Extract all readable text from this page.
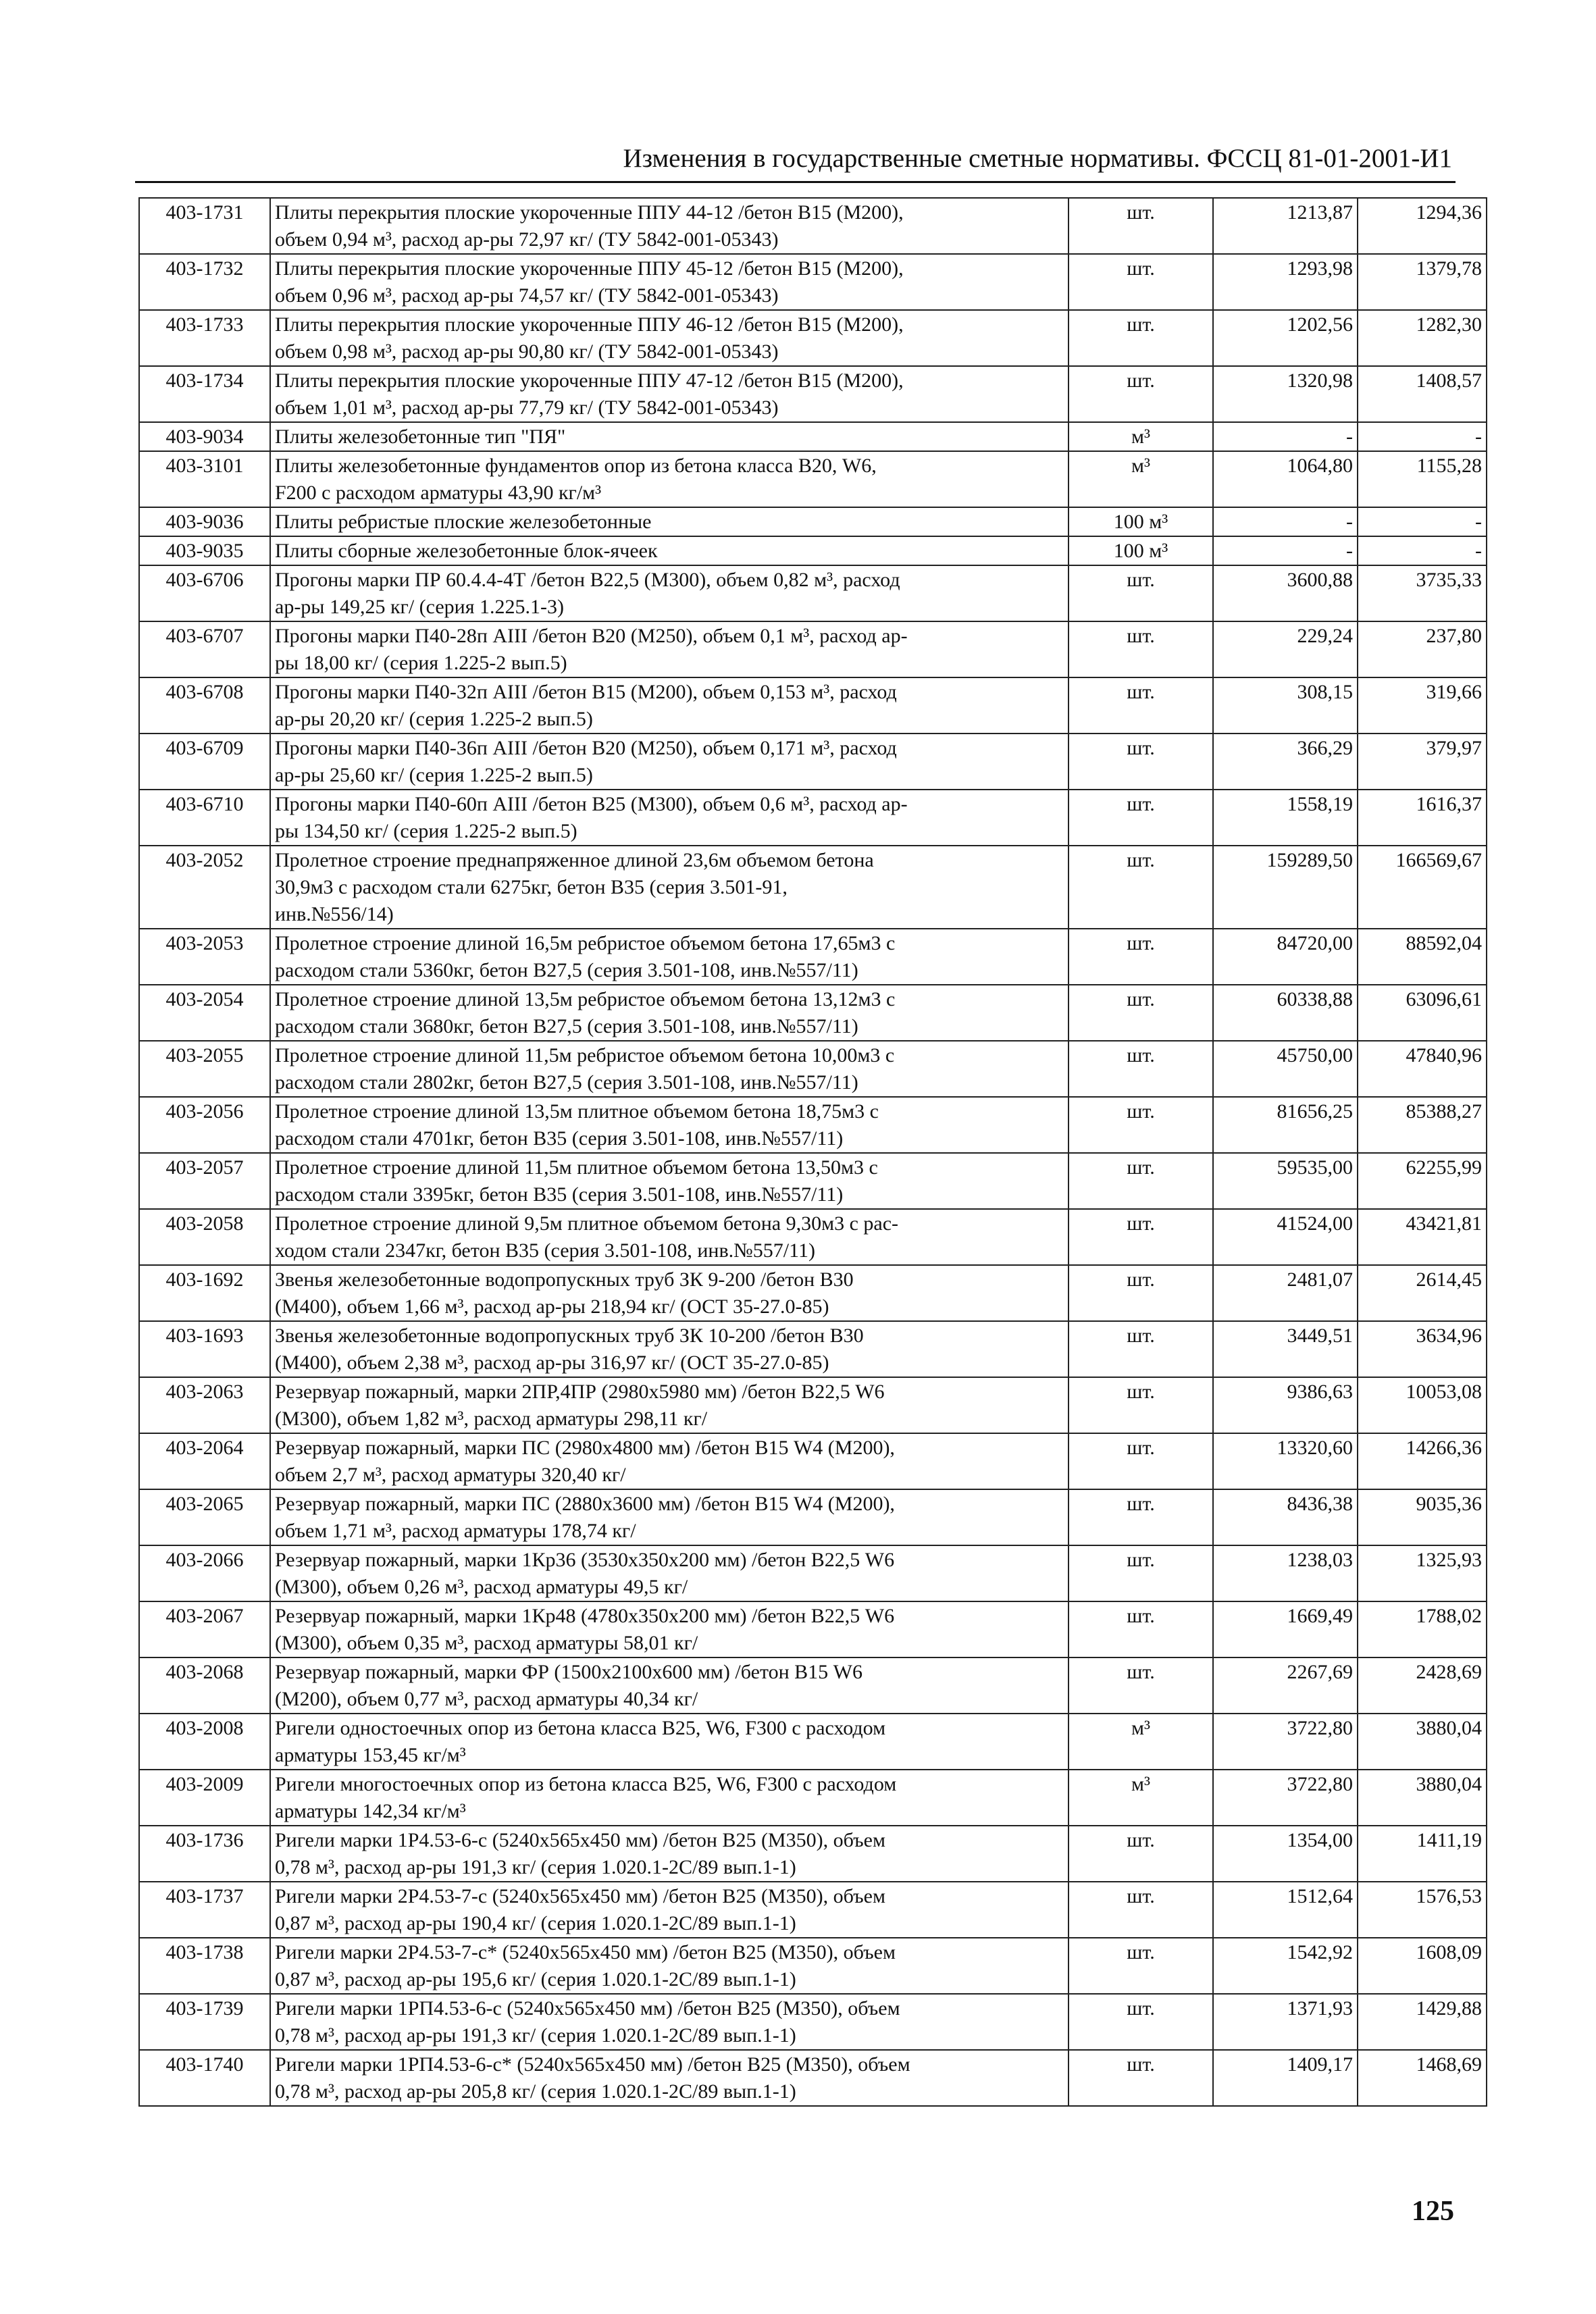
Изменения в государственные сметные нормативы. ФССЦ 81-01-2001-И1
403-1731	Плиты перекрытия плоские укороченные ППУ 44-12 /бетон В15 (М200),
объем 0,94 м³, расход ар-ры 72,97 кг/ (ТУ 5842-001-05343)	шт.	1213,87	1294,36
403-1732	Плиты перекрытия плоские укороченные ППУ 45-12 /бетон В15 (М200),
объем 0,96 м³, расход ар-ры 74,57 кг/ (ТУ 5842-001-05343)	шт.	1293,98	1379,78
403-1733	Плиты перекрытия плоские укороченные ППУ 46-12 /бетон В15 (М200),
объем 0,98 м³, расход ар-ры 90,80 кг/ (ТУ 5842-001-05343)	шт.	1202,56	1282,30
403-1734	Плиты перекрытия плоские укороченные ППУ 47-12 /бетон В15 (М200),
объем 1,01 м³, расход ар-ры 77,79 кг/ (ТУ 5842-001-05343)	шт.	1320,98	1408,57
403-9034	Плиты железобетонные тип "ПЯ"	м³	-	-
403-3101	Плиты железобетонные фундаментов опор из бетона класса В20, W6,
F200 с расходом арматуры 43,90 кг/м³	м³	1064,80	1155,28
403-9036	Плиты ребристые плоские железобетонные	100 м³	-	-
403-9035	Плиты сборные железобетонные блок-ячеек	100 м³	-	-
403-6706	Прогоны марки ПР 60.4.4-4Т /бетон В22,5 (М300), объем 0,82 м³, расход
ар-ры 149,25 кг/ (серия 1.225.1-3)	шт.	3600,88	3735,33
403-6707	Прогоны марки П40-28п АIII /бетон В20 (М250), объем 0,1 м³, расход ар-
ры 18,00 кг/ (серия 1.225-2 вып.5)	шт.	229,24	237,80
403-6708	Прогоны марки П40-32п АIII /бетон В15 (М200), объем 0,153 м³, расход
ар-ры 20,20 кг/ (серия 1.225-2 вып.5)	шт.	308,15	319,66
403-6709	Прогоны марки П40-36п АIII /бетон В20 (М250), объем 0,171 м³, расход
ар-ры 25,60 кг/ (серия 1.225-2 вып.5)	шт.	366,29	379,97
403-6710	Прогоны марки П40-60п АIII /бетон В25 (М300), объем 0,6 м³, расход ар-
ры 134,50 кг/ (серия 1.225-2 вып.5)	шт.	1558,19	1616,37
403-2052	Пролетное строение преднапряженное длиной 23,6м объемом бетона
30,9м3 с расходом стали 6275кг, бетон В35 (серия 3.501-91,
инв.№556/14)	шт.	159289,50	166569,67
403-2053	Пролетное строение длиной 16,5м ребристое объемом бетона 17,65м3 с
расходом стали 5360кг, бетон В27,5 (серия 3.501-108, инв.№557/11)	шт.	84720,00	88592,04
403-2054	Пролетное строение длиной 13,5м ребристое объемом бетона 13,12м3 с
расходом стали 3680кг, бетон В27,5 (серия 3.501-108, инв.№557/11)	шт.	60338,88	63096,61
403-2055	Пролетное строение длиной 11,5м ребристое объемом бетона 10,00м3 с
расходом стали 2802кг, бетон В27,5 (серия 3.501-108, инв.№557/11)	шт.	45750,00	47840,96
403-2056	Пролетное строение длиной 13,5м плитное объемом бетона 18,75м3 с
расходом стали 4701кг, бетон В35 (серия 3.501-108, инв.№557/11)	шт.	81656,25	85388,27
403-2057	Пролетное строение длиной 11,5м плитное объемом бетона 13,50м3 с
расходом стали 3395кг, бетон В35 (серия 3.501-108, инв.№557/11)	шт.	59535,00	62255,99
403-2058	Пролетное строение длиной 9,5м плитное объемом бетона 9,30м3 с рас-
ходом стали 2347кг, бетон В35 (серия 3.501-108, инв.№557/11)	шт.	41524,00	43421,81
403-1692	Звенья железобетонные водопропускных труб ЗК 9-200 /бетон В30
(М400), объем 1,66 м³, расход ар-ры 218,94 кг/ (ОСТ 35-27.0-85)	шт.	2481,07	2614,45
403-1693	Звенья железобетонные водопропускных труб ЗК 10-200 /бетон В30
(М400), объем 2,38 м³, расход ар-ры 316,97 кг/ (ОСТ 35-27.0-85)	шт.	3449,51	3634,96
403-2063	Резервуар пожарный, марки 2ПР,4ПР (2980х5980 мм) /бетон В22,5 W6
(М300), объем 1,82 м³, расход арматуры 298,11 кг/	шт.	9386,63	10053,08
403-2064	Резервуар пожарный, марки ПС (2980х4800 мм) /бетон В15 W4 (М200),
объем 2,7 м³, расход арматуры 320,40 кг/	шт.	13320,60	14266,36
403-2065	Резервуар пожарный, марки ПС (2880х3600 мм) /бетон В15 W4 (М200),
объем 1,71 м³, расход арматуры 178,74 кг/	шт.	8436,38	9035,36
403-2066	Резервуар пожарный, марки 1Кр36 (3530х350х200 мм) /бетон В22,5 W6
(М300), объем 0,26 м³, расход арматуры 49,5 кг/	шт.	1238,03	1325,93
403-2067	Резервуар пожарный, марки 1Кр48 (4780х350х200 мм) /бетон В22,5 W6
(М300), объем 0,35 м³, расход арматуры 58,01 кг/	шт.	1669,49	1788,02
403-2068	Резервуар пожарный, марки ФР (1500х2100х600 мм) /бетон В15 W6
(М200), объем 0,77 м³, расход арматуры 40,34 кг/	шт.	2267,69	2428,69
403-2008	Ригели одностоечных опор из бетона класса В25, W6, F300 с расходом
арматуры 153,45 кг/м³	м³	3722,80	3880,04
403-2009	Ригели многостоечных опор из бетона класса В25, W6, F300 с расходом
арматуры 142,34 кг/м³	м³	3722,80	3880,04
403-1736	Ригели марки 1Р4.53-6-с (5240х565х450 мм) /бетон В25 (М350), объем
0,78 м³, расход ар-ры 191,3 кг/ (серия 1.020.1-2С/89 вып.1-1)	шт.	1354,00	1411,19
403-1737	Ригели марки 2Р4.53-7-с (5240х565х450 мм) /бетон В25 (М350), объем
0,87 м³, расход ар-ры 190,4 кг/ (серия 1.020.1-2С/89 вып.1-1)	шт.	1512,64	1576,53
403-1738	Ригели марки 2Р4.53-7-с* (5240х565х450 мм) /бетон В25 (М350), объем
0,87 м³, расход ар-ры 195,6 кг/ (серия 1.020.1-2С/89 вып.1-1)	шт.	1542,92	1608,09
403-1739	Ригели марки 1РП4.53-6-с (5240х565х450 мм) /бетон В25 (М350), объем
0,78 м³, расход ар-ры 191,3 кг/ (серия 1.020.1-2С/89 вып.1-1)	шт.	1371,93	1429,88
403-1740	Ригели марки 1РП4.53-6-с* (5240х565х450 мм) /бетон В25 (М350), объем
0,78 м³, расход ар-ры 205,8 кг/ (серия 1.020.1-2С/89 вып.1-1)	шт.	1409,17	1468,69
125
